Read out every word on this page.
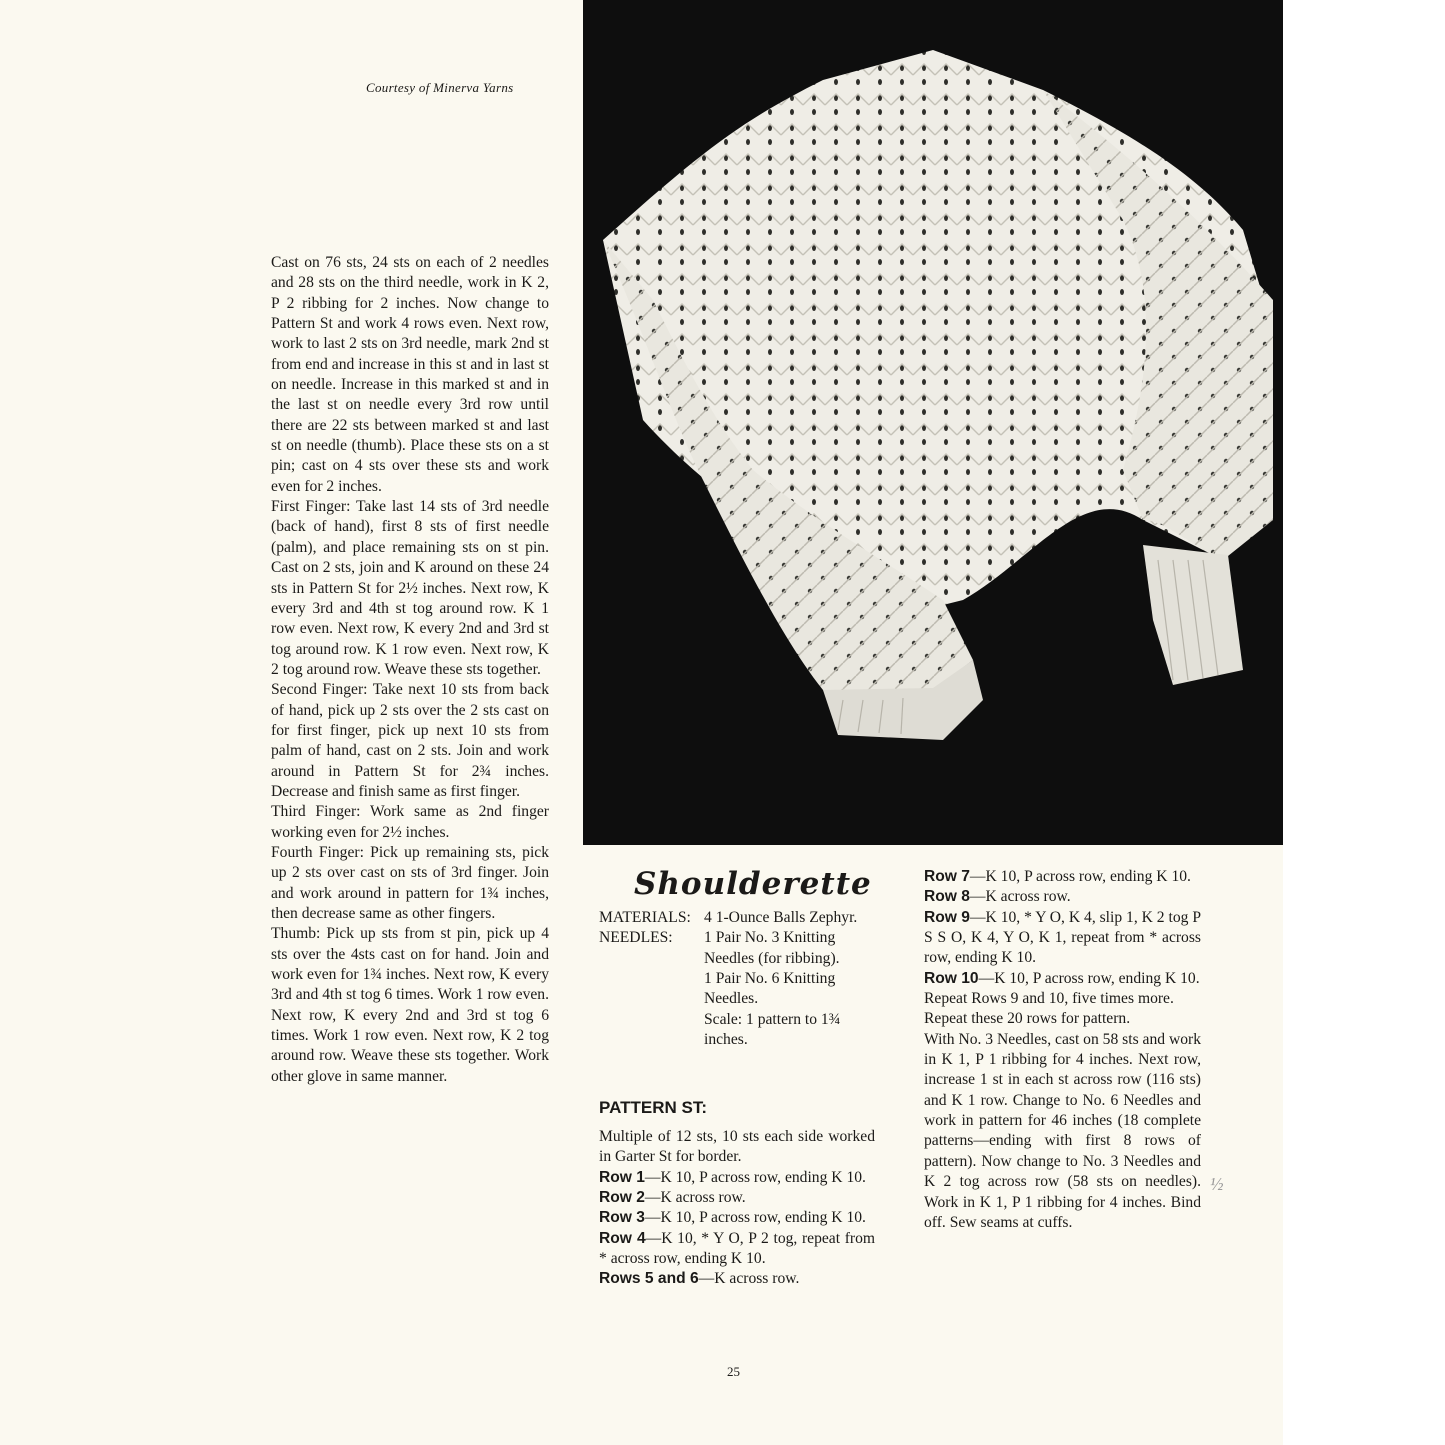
Courtesy of Minerva Yarns

Cast on 76 sts, 24 sts on each of 2 needles and 28 sts on the third needle, work in K 2, P 2 ribbing for 2 inches. Now change to Pattern St and work 4 rows even. Next row, work to last 2 sts on 3rd needle, mark 2nd st from end and increase in this st and in last st on needle. Increase in this marked st and in the last st on needle every 3rd row until there are 22 sts between marked st and last st on needle (thumb). Place these sts on a st pin; cast on 4 sts over these sts and work even for 2 inches.

First Finger: Take last 14 sts of 3rd needle (back of hand), first 8 sts of first needle (palm), and place remaining sts on st pin. Cast on 2 sts, join and K around on these 24 sts in Pattern St for 2½ inches. Next row, K every 3rd and 4th st tog around row. K 1 row even. Next row, K every 2nd and 3rd st tog around row. K 1 row even. Next row, K 2 tog around row. Weave these sts together.

Second Finger: Take next 10 sts from back of hand, pick up 2 sts over the 2 sts cast on for first finger, pick up next 10 sts from palm of hand, cast on 2 sts. Join and work around in Pattern St for 2¾ inches. Decrease and finish same as first finger.

Third Finger: Work same as 2nd finger working even for 2½ inches.

Fourth Finger: Pick up remaining sts, pick up 2 sts over cast on sts of 3rd finger. Join and work around in pattern for 1¾ inches, then decrease same as other fingers.

Thumb: Pick up sts from st pin, pick up 4 sts over the 4sts cast on for hand. Join and work even for 1¾ inches. Next row, K every 3rd and 4th st tog 6 times. Work 1 row even. Next row, K every 2nd and 3rd st tog 6 times. Work 1 row even. Next row, K 2 tog around row. Weave these sts together. Work other glove in same manner.

Shoulderette
MATERIALS: 4 1-Ounce Balls Zephyr.
NEEDLES:	1 Pair No. 3 Knitting Needles (for ribbing).
1 Pair No. 6 Knitting Needles.
Scale: 1 pattern to 1¾ inches.
PATTERN ST:

Multiple of 12 sts, 10 sts each side worked in Garter St for border.

Row 1—K 10, P across row, ending K 10.

Row 2—K across row.

Row 3—K 10, P across row, ending K 10.

Row 4—K 10, * Y O, P 2 tog, repeat from * across row, ending K 10.

Rows 5 and 6—K across row.

Row 7—K 10, P across row, ending K 10.

Row 8—K across row.

Row 9—K 10, * Y O, K 4, slip 1, K 2 tog P S S O, K 4, Y O, K 1, repeat from * across row, ending K 10.

Row 10—K 10, P across row, ending K 10.

Repeat Rows 9 and 10, five times more.

Repeat these 20 rows for pattern.

With No. 3 Needles, cast on 58 sts and work in K 1, P 1 ribbing for 4 inches. Next row, increase 1 st in each st across row (116 sts) and K 1 row. Change to No. 6 Needles and work in pattern for 46 inches (18 complete patterns—ending with first 8 rows of pattern). Now change to No. 3 Needles and K 2 tog across row (58 sts on needles). Work in K 1, P 1 ribbing for 4 inches. Bind off. Sew seams at cuffs.

½
25
